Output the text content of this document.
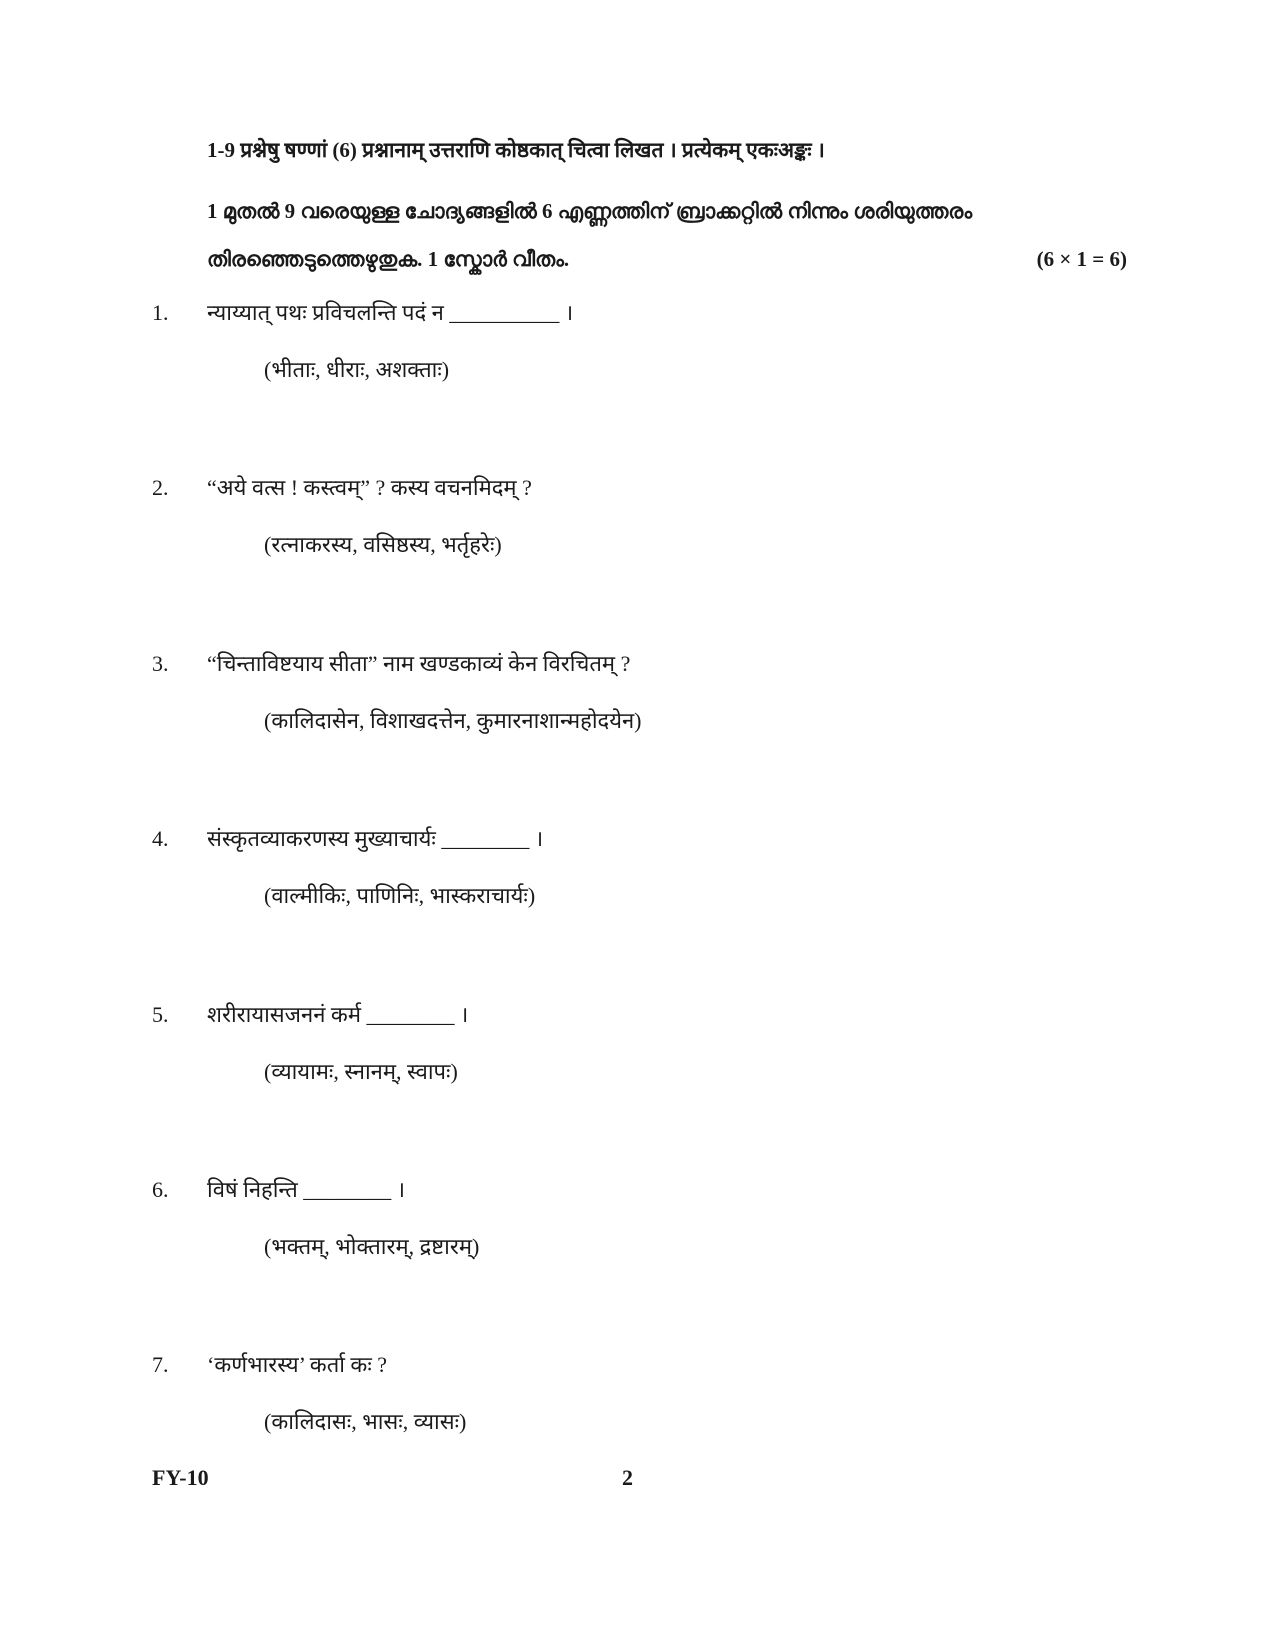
1-9 प्रश्नेषु षण्णां (6) प्रश्नानाम् उत्तराणि कोष्ठकात् चित्वा लिखत । प्रत्येकम् एकःअङ्कः ।
1 മുതൽ 9 വരെയുള്ള ചോദ്യങ്ങളിൽ 6 എണ്ണത്തിന് ബ്രാക്കറ്റിൽ നിന്നും ശരിയുത്തരം
തിരഞ്ഞെടുത്തെഴുതുക. 1 സ്കോർ വീതം.	(6 × 1 = 6)
1.	न्याय्यात् पथः प्रविचलन्ति पदं न __________ ।
(भीताः, धीराः, अशक्ताः)
2.	“अये वत्स ! कस्त्वम्” ? कस्य वचनमिदम् ?
(रत्नाकरस्य, वसिष्ठस्य, भर्तृहरेः)
3.	“चिन्ताविष्टयाय सीता” नाम खण्डकाव्यं केन विरचितम् ?
(कालिदासेन, विशाखदत्तेन, कुमारनाशान्महोदयेन)
4.	संस्कृतव्याकरणस्य मुख्याचार्यः ________ ।
(वाल्मीकिः, पाणिनिः, भास्कराचार्यः)
5.	शरीरायासजननं कर्म ________ ।
(व्यायामः, स्नानम्, स्वापः)
6.	विषं निहन्ति ________ ।
(भक्तम्, भोक्तारम्, द्रष्टारम्)
7.	‘कर्णभारस्य’ कर्ता कः ?
(कालिदासः, भासः, व्यासः)
FY-10	2
